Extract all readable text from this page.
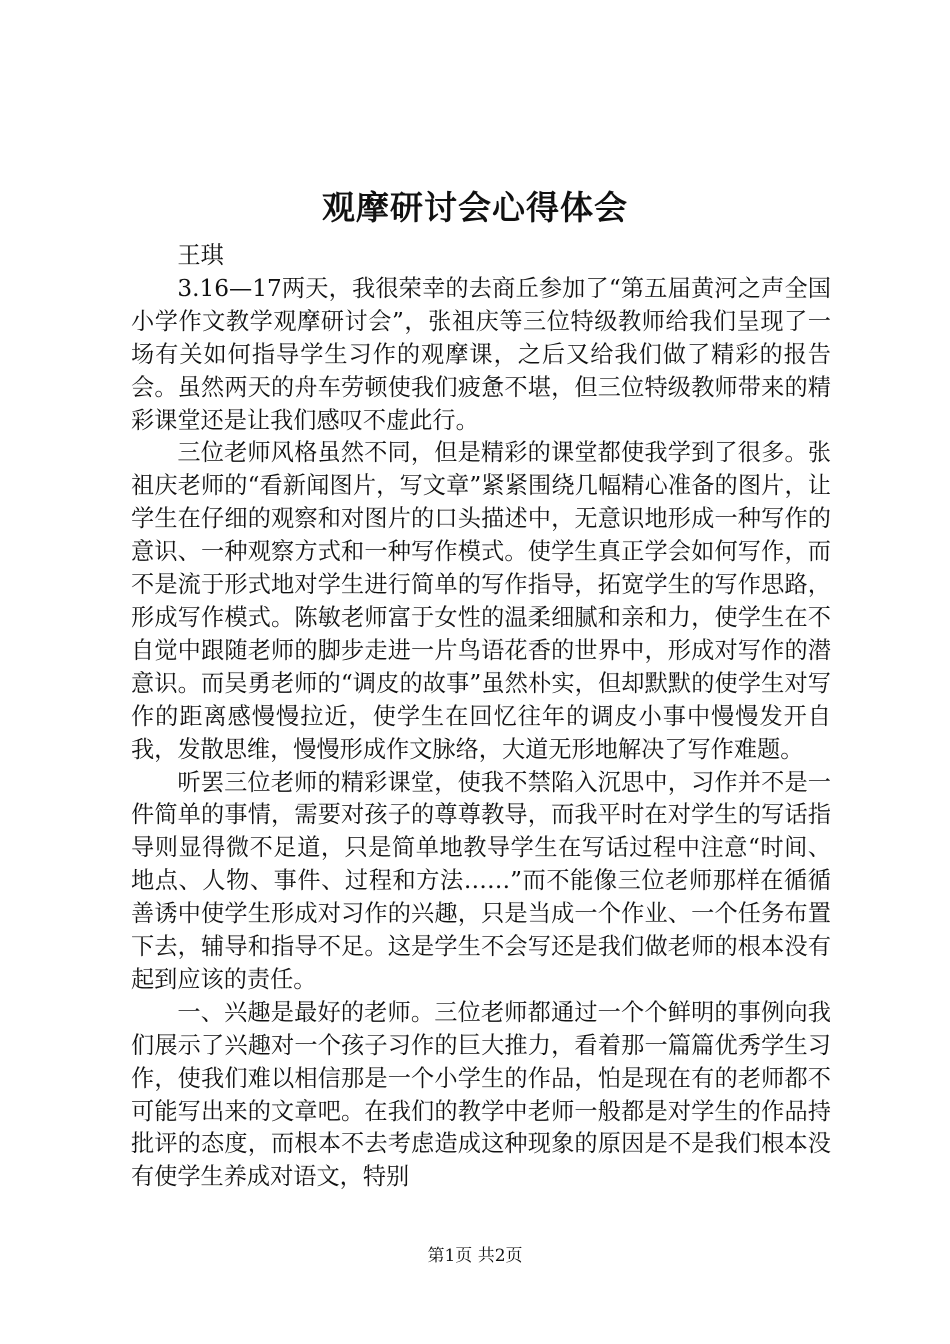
观摩研讨会心得体会

王琪

3.16—17两天，我很荣幸的去商丘参加了“第五届黄河之声全国小学作文教学观摩研讨会”，张祖庆等三位特级教师给我们呈现了一场有关如何指导学生习作的观摩课，之后又给我们做了精彩的报告会。虽然两天的舟车劳顿使我们疲惫不堪，但三位特级教师带来的精彩课堂还是让我们感叹不虚此行。

三位老师风格虽然不同，但是精彩的课堂都使我学到了很多。张祖庆老师的“看新闻图片，写文章”紧紧围绕几幅精心准备的图片，让学生在仔细的观察和对图片的口头描述中，无意识地形成一种写作的意识、一种观察方式和一种写作模式。使学生真正学会如何写作，而不是流于形式地对学生进行简单的写作指导，拓宽学生的写作思路，形成写作模式。陈敏老师富于女性的温柔细腻和亲和力，使学生在不自觉中跟随老师的脚步走进一片鸟语花香的世界中，形成对写作的潜意识。而吴勇老师的“调皮的故事”虽然朴实，但却默默的使学生对写作的距离感慢慢拉近，使学生在回忆往年的调皮小事中慢慢发开自我，发散思维，慢慢形成作文脉络，大道无形地解决了写作难题。

听罢三位老师的精彩课堂，使我不禁陷入沉思中，习作并不是一件简单的事情，需要对孩子的尊尊教导，而我平时在对学生的写话指导则显得微不足道，只是简单地教导学生在写话过程中注意“时间、地点、人物、事件、过程和方法……”而不能像三位老师那样在循循善诱中使学生形成对习作的兴趣，只是当成一个作业、一个任务布置下去，辅导和指导不足。这是学生不会写还是我们做老师的根本没有起到应该的责任。

一、兴趣是最好的老师。三位老师都通过一个个鲜明的事例向我们展示了兴趣对一个孩子习作的巨大推力，看着那一篇篇优秀学生习作，使我们难以相信那是一个小学生的作品，怕是现在有的老师都不可能写出来的文章吧。在我们的教学中老师一般都是对学生的作品持批评的态度，而根本不去考虑造成这种现象的原因是不是我们根本没有使学生养成对语文，特别

第1页 共2页
